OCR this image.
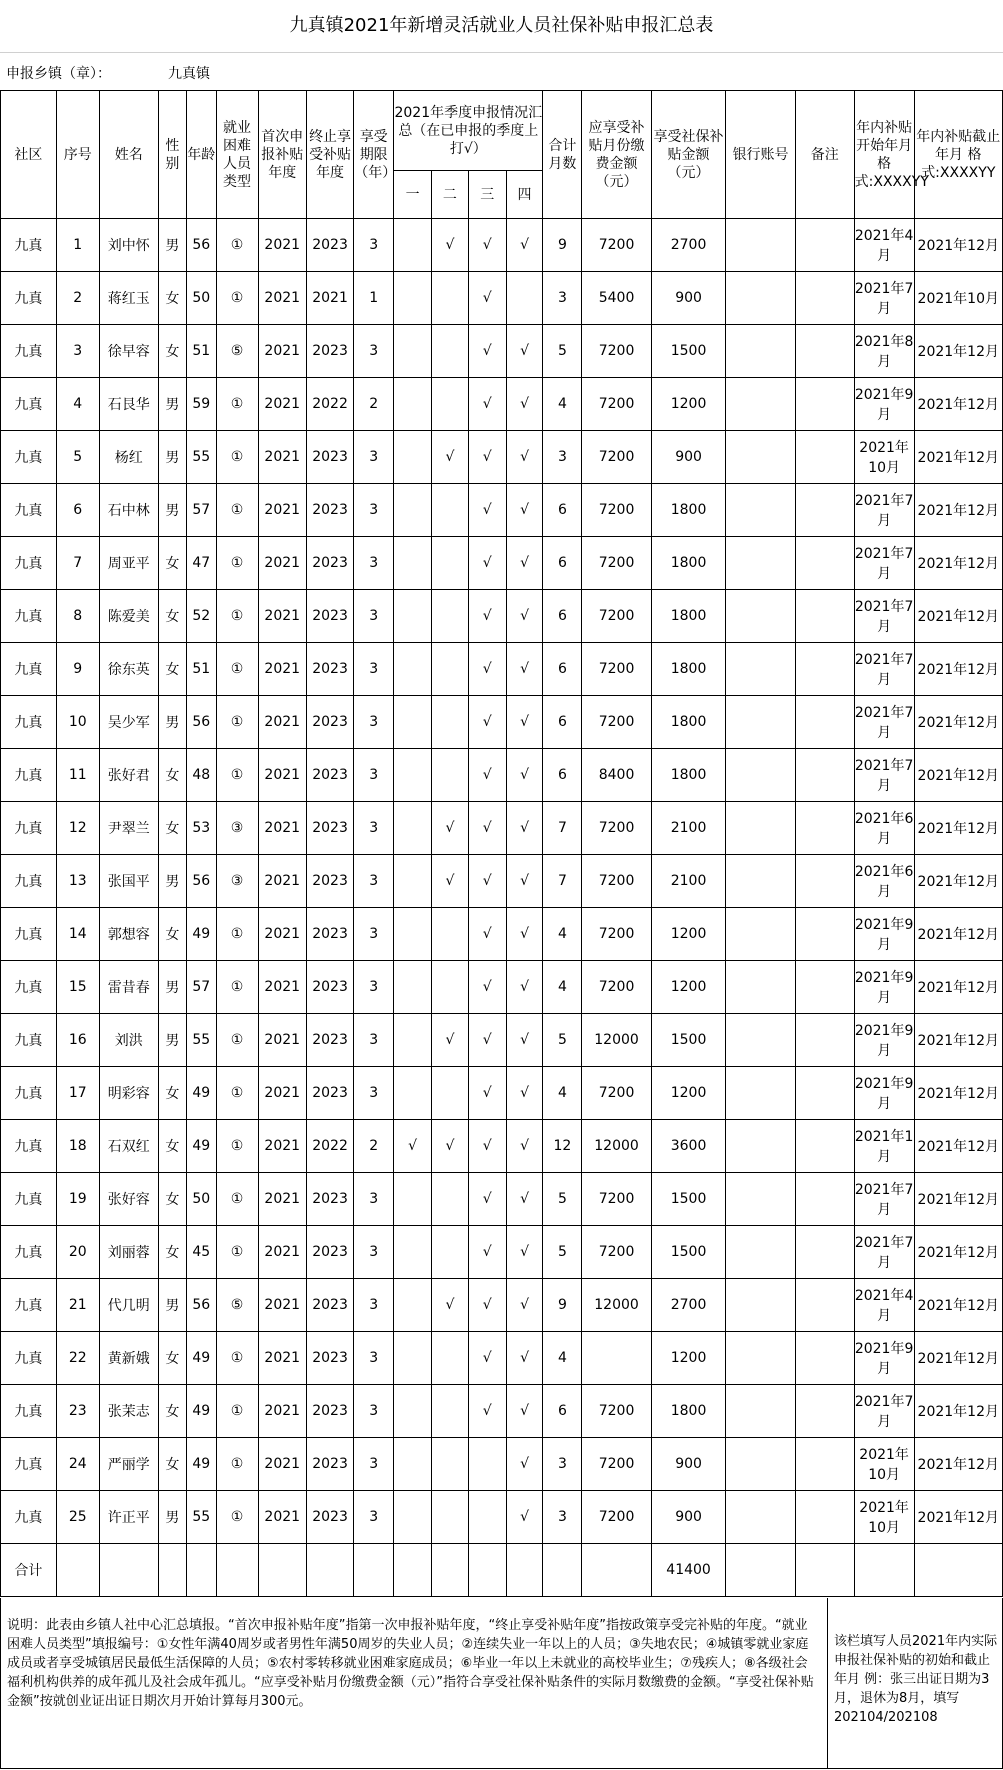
九真镇2021年新增灵活就业人员社保补贴申报汇总表
申报乡镇（章）：	九真镇
社区	序号	姓名	性别	年龄	就业困难人员类型	首次申报补贴年度	终止享受补贴年度	享受期限（年）	2021年季度申报情况汇总（在已申报的季度上打√）				合计月数	应享受补贴月份缴费金额（元）	享受社保补贴金额（元）	银行账号	备注	年内补贴开始年月 格式:XXXXYY	年内补贴截止年月 格式:XXXXYY
									一	二	三	四							
九真	1	刘中怀	男	56	①	2021	2023	3		√	√	√	9	7200	2700			2021年4月	2021年12月
九真	2	蒋红玉	女	50	①	2021	2021	1			√		3	5400	900			2021年7月	2021年10月
九真	3	徐早容	女	51	⑤	2021	2023	3			√	√	5	7200	1500			2021年8月	2021年12月
九真	4	石艮华	男	59	①	2021	2022	2			√	√	4	7200	1200			2021年9月	2021年12月
九真	5	杨红	男	55	①	2021	2023	3		√	√	√	3	7200	900			2021年10月	2021年12月
九真	6	石中林	男	57	①	2021	2023	3			√	√	6	7200	1800			2021年7月	2021年12月
九真	7	周亚平	女	47	①	2021	2023	3			√	√	6	7200	1800			2021年7月	2021年12月
九真	8	陈爱美	女	52	①	2021	2023	3			√	√	6	7200	1800			2021年7月	2021年12月
九真	9	徐东英	女	51	①	2021	2023	3			√	√	6	7200	1800			2021年7月	2021年12月
九真	10	吴少军	男	56	①	2021	2023	3			√	√	6	7200	1800			2021年7月	2021年12月
九真	11	张好君	女	48	①	2021	2023	3			√	√	6	8400	1800			2021年7月	2021年12月
九真	12	尹翠兰	女	53	③	2021	2023	3		√	√	√	7	7200	2100			2021年6月	2021年12月
九真	13	张国平	男	56	③	2021	2023	3		√	√	√	7	7200	2100			2021年6月	2021年12月
九真	14	郭想容	女	49	①	2021	2023	3			√	√	4	7200	1200			2021年9月	2021年12月
九真	15	雷昔春	男	57	①	2021	2023	3			√	√	4	7200	1200			2021年9月	2021年12月
九真	16	刘洪	男	55	①	2021	2023	3		√	√	√	5	12000	1500			2021年9月	2021年12月
九真	17	明彩容	女	49	①	2021	2023	3			√	√	4	7200	1200			2021年9月	2021年12月
九真	18	石双红	女	49	①	2021	2022	2	√	√	√	√	12	12000	3600			2021年1月	2021年12月
九真	19	张好容	女	50	①	2021	2023	3			√	√	5	7200	1500			2021年7月	2021年12月
九真	20	刘丽蓉	女	45	①	2021	2023	3			√	√	5	7200	1500			2021年7月	2021年12月
九真	21	代几明	男	56	⑤	2021	2023	3		√	√	√	9	12000	2700			2021年4月	2021年12月
九真	22	黄新娥	女	49	①	2021	2023	3			√	√	4		1200			2021年9月	2021年12月
九真	23	张茉志	女	49	①	2021	2023	3			√	√	6	7200	1800			2021年7月	2021年12月
九真	24	严丽学	女	49	①	2021	2023	3				√	3	7200	900			2021年10月	2021年12月
九真	25	许正平	男	55	①	2021	2023	3				√	3	7200	900			2021年10月	2021年12月
合计															41400				
说明：此表由乡镇人社中心汇总填报。“首次申报补贴年度”指第一次申报补贴年度，“终止享受补贴年度”指按政策享受完补贴的年度。“就业困难人员类型”填报编号：①女性年满40周岁或者男性年满50周岁的失业人员；②连续失业一年以上的人员；③失地农民；④城镇零就业家庭成员或者享受城镇居民最低生活保障的人员；⑤农村零转移就业困难家庭成员；⑥毕业一年以上未就业的高校毕业生；⑦残疾人；⑧各级社会福利机构供养的成年孤儿及社会成年孤儿。“应享受补贴月份缴费金额（元）”指符合享受社保补贴条件的实际月数缴费的金额。“享受社保补贴金额”按就创业证出证日期次月开始计算每月300元。
该栏填写人员2021年内实际申报社保补贴的初始和截止年月 例：张三出证日期为3月，退休为8月，填写202104/202108
